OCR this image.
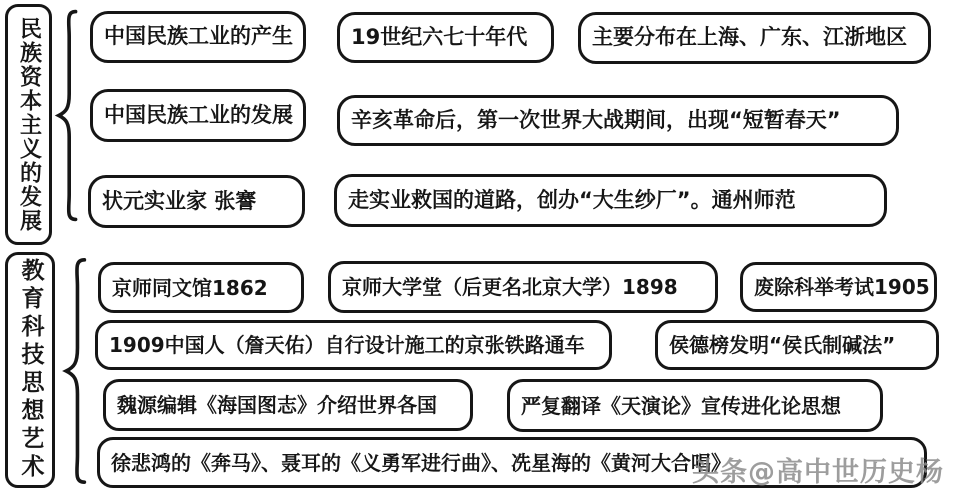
民族资本主义的发展	中国民族工业的产生
中国民族工业的发展
状元实业家 张謇
19世纪六七十年代	主要分布在上海、广东、江浙地区
辛亥革命后，第一次世界大战期间，出现“短暂春天”
走实业救国的道路，创办“大生纱厂”。通州师范
教育科技思想艺术	京师同文馆1862	京师大学堂（后更名北京大学）1898	废除科举考试1905
1909中国人（詹天佑）自行设计施工的京张铁路通车	侯德榜发明“侯氏制碱法”
魏源编辑《海国图志》介绍世界各国	严复翻译《天演论》宣传进化论思想
徐悲鸿的《奔马》、聂耳的《义勇军进行曲》、冼星海的《黄河大合唱》
头条@高中世历史杨
